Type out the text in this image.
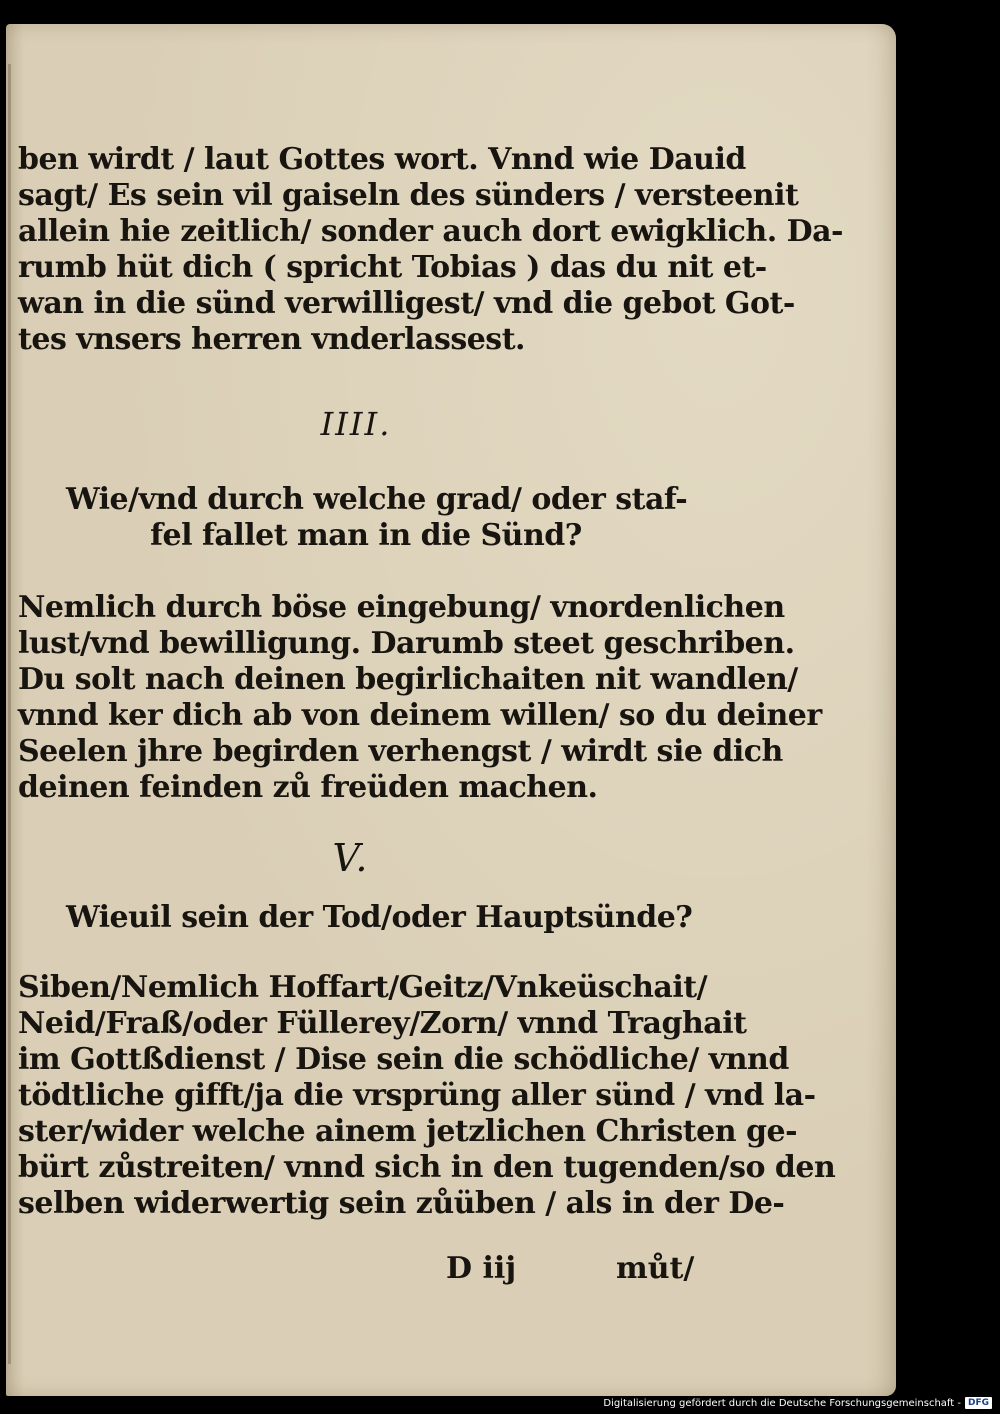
ben wirdt / laut Gottes wort. Vnnd wie Dauid
sagt/ Es sein vil gaiseln des sünders / versteenit
allein hie zeitlich/ sonder auch dort ewigklich. Da-
rumb hüt dich ( spricht Tobias ) das du nit et-
wan in die sünd verwilligest/ vnd die gebot Got-
tes vnsers herren vnderlassest.
IIII.
Wie/vnd durch welche grad/ oder staf-
fel fallet man in die Sünd?
Nemlich durch böse eingebung/ vnordenlichen
lust/vnd bewilligung. Darumb steet geschriben.
Du solt nach deinen begirlichaiten nit wandlen/
vnnd ker dich ab von deinem willen/ so du deiner
Seelen jhre begirden verhengst / wirdt sie dich
deinen feinden zů freüden machen.
V.
Wieuil sein der Tod/oder Hauptsünde?
Siben/Nemlich Hoffart/Geitz/Vnkeüschait/
Neid/Fraß/oder Füllerey/Zorn/ vnnd Traghait
im Gottßdienst / Dise sein die schödliche/ vnnd
tödtliche gifft/ja die vrsprüng aller sünd / vnd la-
ster/wider welche ainem jetzlichen Christen ge-
bürt zůstreiten/ vnnd sich in den tugenden/so den
selben widerwertig sein zůüben / als in der De-
D iij	můt/
Digitalisierung gefördert durch die Deutsche Forschungsgemeinschaft - DFG
